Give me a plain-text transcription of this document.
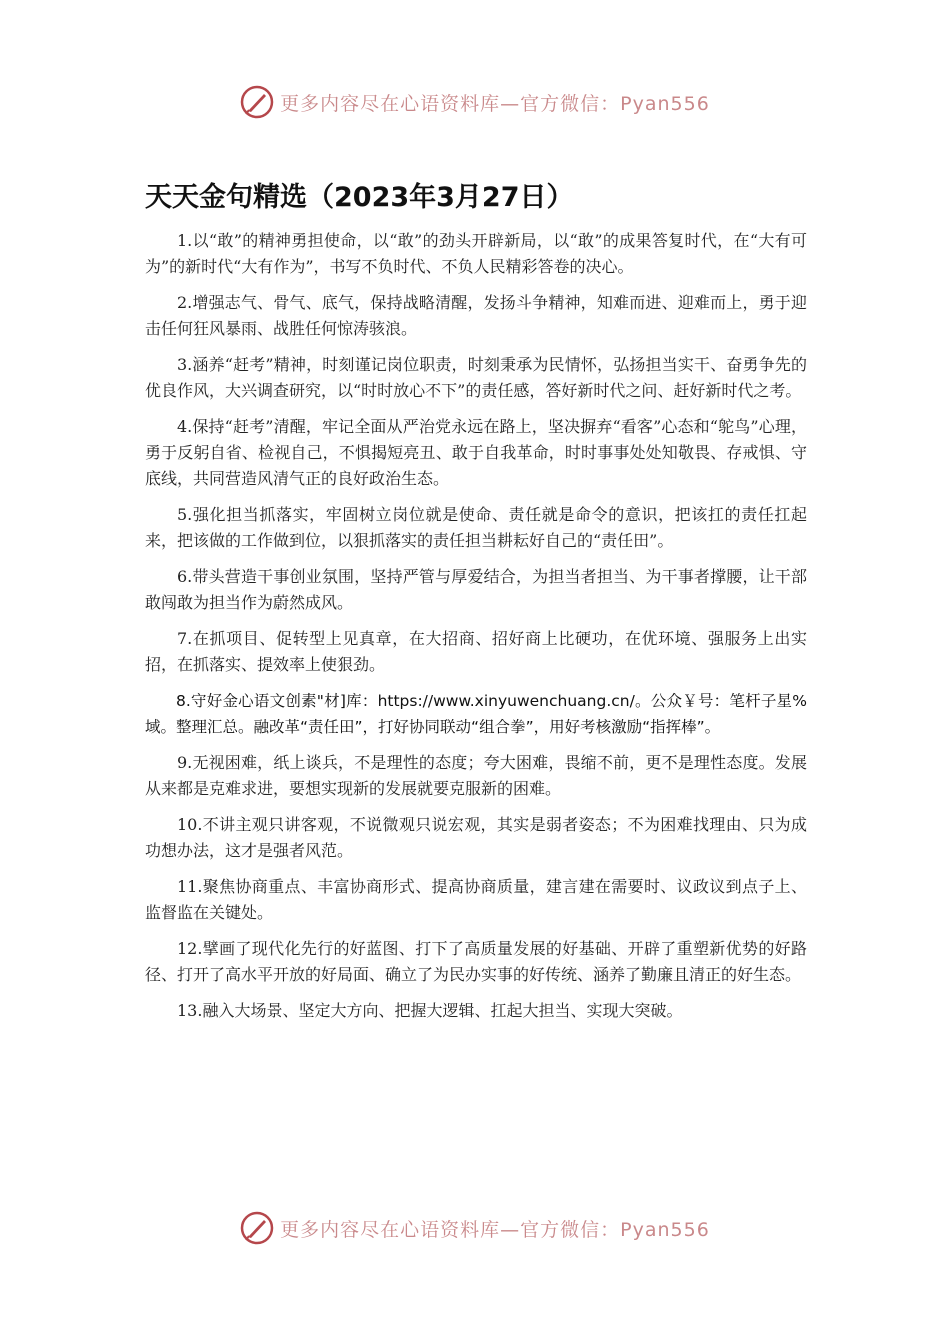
更多内容尽在心语资料库—官方微信：Pyan556
天天金句精选（2023年3月27日）

1.以“敢”的精神勇担使命，以“敢”的劲头开辟新局，以“敢”的成果答复时代，在“大有可为”的新时代“大有作为”，书写不负时代、不负人民精彩答卷的决心。

2.增强志气、骨气、底气，保持战略清醒，发扬斗争精神，知难而进、迎难而上，勇于迎击任何狂风暴雨、战胜任何惊涛骇浪。

3.涵养“赶考”精神，时刻谨记岗位职责，时刻秉承为民情怀，弘扬担当实干、奋勇争先的优良作风，大兴调查研究，以“时时放心不下”的责任感，答好新时代之问、赶好新时代之考。

4.保持“赶考”清醒，牢记全面从严治党永远在路上，坚决摒弃“看客”心态和“鸵鸟”心理，勇于反躬自省、检视自己，不惧揭短亮丑、敢于自我革命，时时事事处处知敬畏、存戒惧、守底线，共同营造风清气正的良好政治生态。

5.强化担当抓落实，牢固树立岗位就是使命、责任就是命令的意识，把该扛的责任扛起来，把该做的工作做到位，以狠抓落实的责任担当耕耘好自己的“责任田”。

6.带头营造干事创业氛围，坚持严管与厚爱结合，为担当者担当、为干事者撑腰，让干部敢闯敢为担当作为蔚然成风。

7.在抓项目、促转型上见真章，在大招商、招好商上比硬功，在优环境、强服务上出实招，在抓落实、提效率上使狠劲。

8.守好金心语文创素"材]库：https://www.xinyuwenchuang.cn/。公众￥号：笔杆子星%域。整理汇总。融改革“责任田”，打好协同联动“组合拳”，用好考核激励“指挥棒”。

9.无视困难，纸上谈兵，不是理性的态度；夸大困难，畏缩不前，更不是理性态度。发展从来都是克难求进，要想实现新的发展就要克服新的困难。

10.不讲主观只讲客观，不说微观只说宏观，其实是弱者姿态；不为困难找理由、只为成功想办法，这才是强者风范。

11.聚焦协商重点、丰富协商形式、提高协商质量，建言建在需要时、议政议到点子上、监督监在关键处。

12.擘画了现代化先行的好蓝图、打下了高质量发展的好基础、开辟了重塑新优势的好路径、打开了高水平开放的好局面、确立了为民办实事的好传统、涵养了勤廉且清正的好生态。

13.融入大场景、坚定大方向、把握大逻辑、扛起大担当、实现大突破。

更多内容尽在心语资料库—官方微信：Pyan556
